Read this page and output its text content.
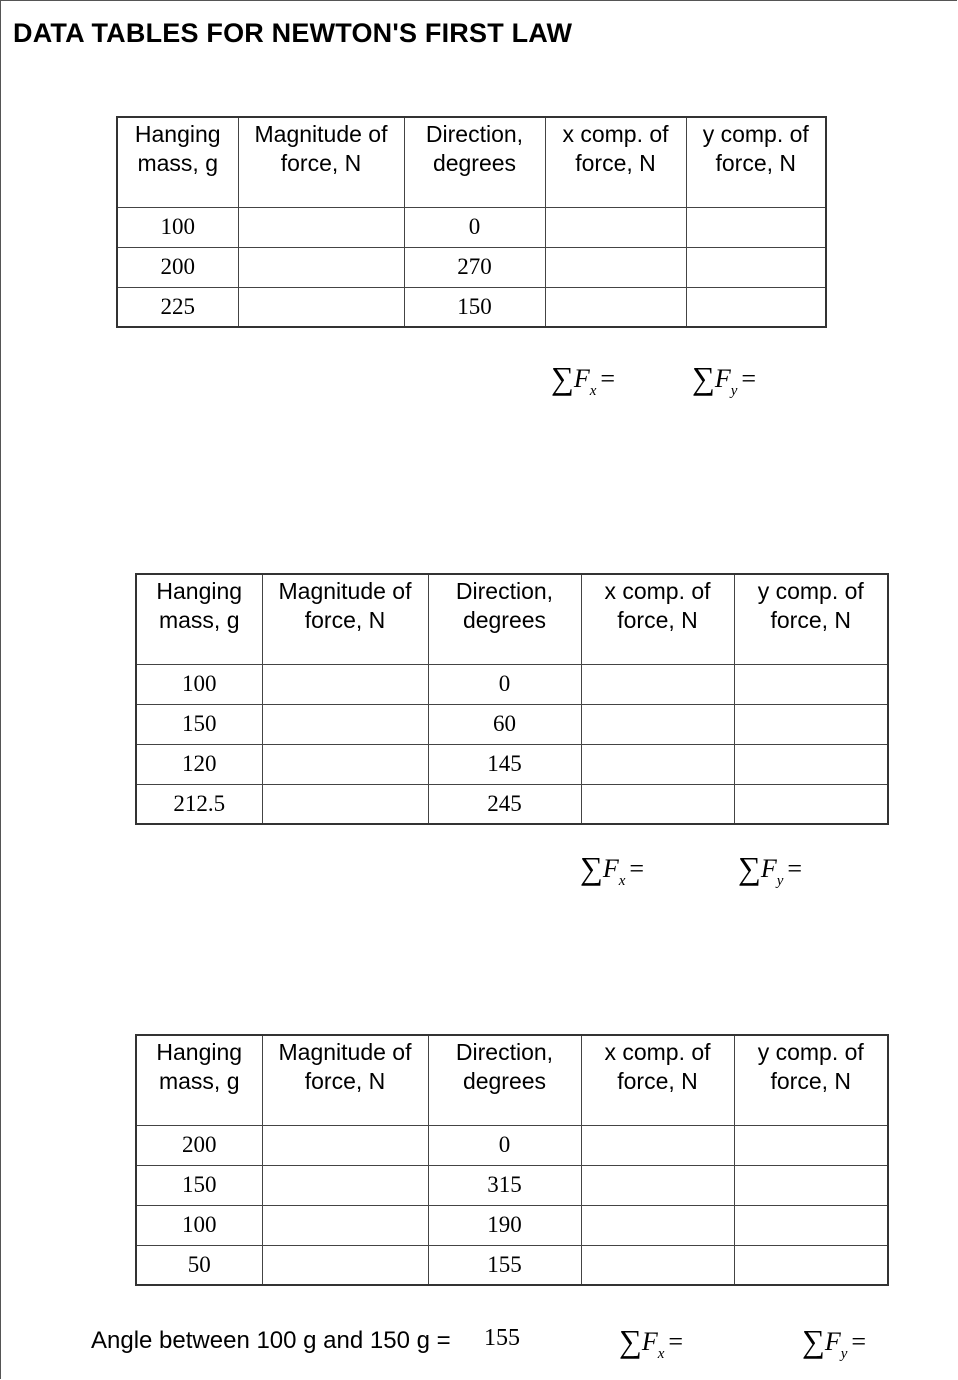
DATA TABLES FOR NEWTON'S FIRST LAW
Hanging mass, g	Magnitude of force, N	Direction, degrees	x comp. of force, N	y comp. of force, N
100		0		
200		270		
225		150		
$\sum F_x = \sum F_y$ =
Hanging mass, g	Magnitude of force, N	Direction, degrees	x comp. of force, N	y comp. of force, N
100		0		
150		60		
120		145		
212.5		245		
$\sum F_x$ =	$\sum F_y$ =
Hanging mass, g	Magnitude of force, N	Direction, degrees	x comp. of force, N	y comp. of force, N
200		0		
150		315		
100		190		
50		155		
Angle between 100 g and 150 g = 155	$\sum F_x$ =	$\sum F_y$ =
